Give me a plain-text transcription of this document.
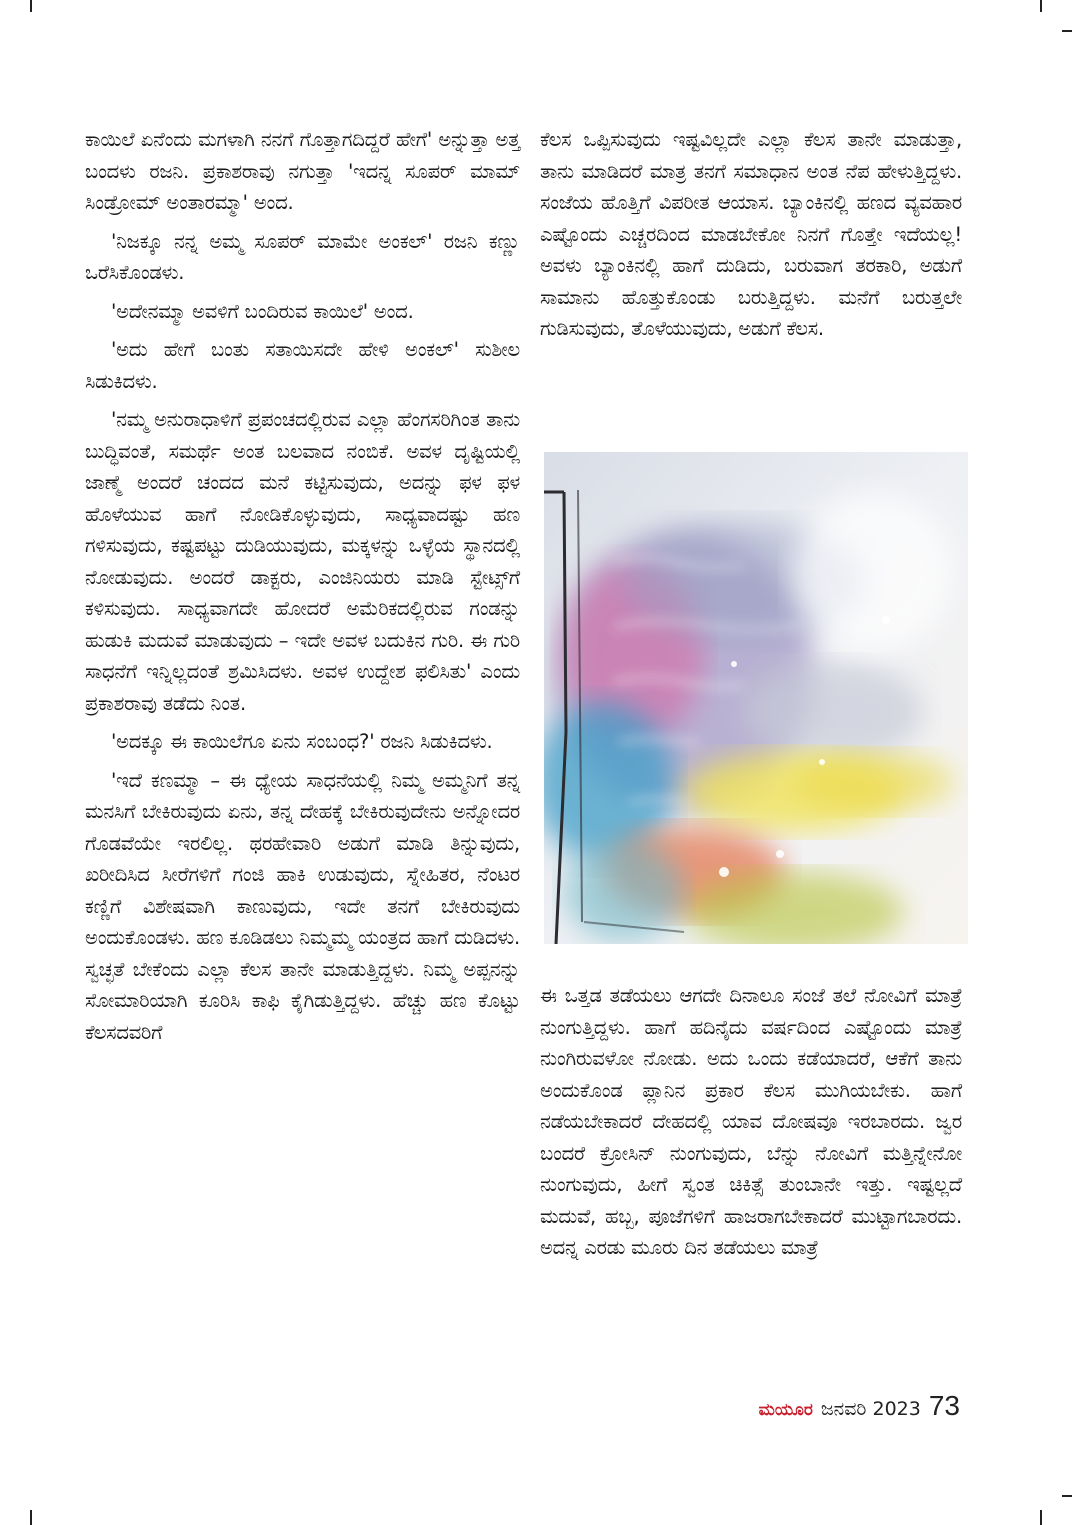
ಕಾಯಿಲೆ ಏನೆಂದು ಮಗಳಾಗಿ ನನಗೆ ಗೊತ್ತಾಗದಿದ್ದರೆ ಹೇಗೆ' ಅನ್ನುತ್ತಾ ಅತ್ತ ಬಂದಳು ರಜನಿ. ಪ್ರಕಾಶರಾವು ನಗುತ್ತಾ 'ಇದನ್ನ ಸೂಪರ್ ಮಾಮ್ ಸಿಂಡ್ರೋಮ್ ಅಂತಾರಮ್ಮಾ' ಅಂದ.

'ನಿಜಕ್ಕೂ ನನ್ನ ಅಮ್ಮ ಸೂಪರ್ ಮಾಮೇ ಅಂಕಲ್' ರಜನಿ ಕಣ್ಣು ಒರೆಸಿಕೊಂಡಳು.

'ಅದೇನಮ್ಮಾ ಅವಳಿಗೆ ಬಂದಿರುವ ಕಾಯಿಲೆ' ಅಂದ.

'ಅದು ಹೇಗೆ ಬಂತು ಸತಾಯಿಸದೇ ಹೇಳಿ ಅಂಕಲ್' ಸುಶೀಲ ಸಿಡುಕಿದಳು.

'ನಮ್ಮ ಅನುರಾಧಾಳಿಗೆ ಪ್ರಪಂಚದಲ್ಲಿರುವ ಎಲ್ಲಾ ಹೆಂಗಸರಿಗಿಂತ ತಾನು ಬುದ್ಧಿವಂತೆ, ಸಮರ್ಥೆ ಅಂತ ಬಲವಾದ ನಂಬಿಕೆ. ಅವಳ ದೃಷ್ಟಿಯಲ್ಲಿ ಜಾಣ್ಮೆ ಅಂದರೆ ಚಂದದ ಮನೆ ಕಟ್ಟಿಸುವುದು, ಅದನ್ನು ಫಳ ಫಳ ಹೊಳೆಯುವ ಹಾಗೆ ನೋಡಿಕೊಳ್ಳುವುದು, ಸಾಧ್ಯವಾದಷ್ಟು ಹಣ ಗಳಿಸುವುದು, ಕಷ್ಟಪಟ್ಟು ದುಡಿಯುವುದು, ಮಕ್ಕಳನ್ನು ಒಳ್ಳೆಯ ಸ್ಥಾನದಲ್ಲಿ ನೋಡುವುದು. ಅಂದರೆ ಡಾಕ್ಟರು, ಎಂಜಿನಿಯರು ಮಾಡಿ ಸ್ಟೇಟ್ಸ್‌ಗೆ ಕಳಿಸುವುದು. ಸಾಧ್ಯವಾಗದೇ ಹೋದರೆ ಅಮೆರಿಕದಲ್ಲಿರುವ ಗಂಡನ್ನು ಹುಡುಕಿ ಮದುವೆ ಮಾಡುವುದು – ಇದೇ ಅವಳ ಬದುಕಿನ ಗುರಿ. ಈ ಗುರಿ ಸಾಧನೆಗೆ ಇನ್ನಿಲ್ಲದಂತೆ ಶ್ರಮಿಸಿದಳು. ಅವಳ ಉದ್ದೇಶ ಫಲಿಸಿತು' ಎಂದು ಪ್ರಕಾಶರಾವು ತಡೆದು ನಿಂತ.

'ಅದಕ್ಕೂ ಈ ಕಾಯಿಲೆಗೂ ಏನು ಸಂಬಂಧ?' ರಜನಿ ಸಿಡುಕಿದಳು.

'ಇದೆ ಕಣಮ್ಮಾ – ಈ ಧ್ಯೇಯ ಸಾಧನೆಯಲ್ಲಿ ನಿಮ್ಮ ಅಮ್ಮನಿಗೆ ತನ್ನ ಮನಸಿಗೆ ಬೇಕಿರುವುದು ಏನು, ತನ್ನ ದೇಹಕ್ಕೆ ಬೇಕಿರುವುದೇನು ಅನ್ನೋದರ ಗೊಡವೆಯೇ ಇರಲಿಲ್ಲ. ಥರಹೇವಾರಿ ಅಡುಗೆ ಮಾಡಿ ತಿನ್ನುವುದು, ಖರೀದಿಸಿದ ಸೀರೆಗಳಿಗೆ ಗಂಜಿ ಹಾಕಿ ಉಡುವುದು, ಸ್ನೇಹಿತರ, ನೆಂಟರ ಕಣ್ಣಿಗೆ ವಿಶೇಷವಾಗಿ ಕಾಣುವುದು, ಇದೇ ತನಗೆ ಬೇಕಿರುವುದು ಅಂದುಕೊಂಡಳು. ಹಣ ಕೂಡಿಡಲು ನಿಮ್ಮಮ್ಮ ಯಂತ್ರದ ಹಾಗೆ ದುಡಿದಳು. ಸ್ವಚ್ಛತೆ ಬೇಕೆಂದು ಎಲ್ಲಾ ಕೆಲಸ ತಾನೇ ಮಾಡುತ್ತಿದ್ದಳು. ನಿಮ್ಮ ಅಪ್ಪನನ್ನು ಸೋಮಾರಿಯಾಗಿ ಕೂರಿಸಿ ಕಾಫಿ ಕೈಗಿಡುತ್ತಿದ್ದಳು. ಹೆಚ್ಚು ಹಣ ಕೊಟ್ಟು ಕೆಲಸದವರಿಗೆ

ಕೆಲಸ ಒಪ್ಪಿಸುವುದು ಇಷ್ಟವಿಲ್ಲದೇ ಎಲ್ಲಾ ಕೆಲಸ ತಾನೇ ಮಾಡುತ್ತಾ, ತಾನು ಮಾಡಿದರೆ ಮಾತ್ರ ತನಗೆ ಸಮಾಧಾನ ಅಂತ ನೆಪ ಹೇಳುತ್ತಿದ್ದಳು. ಸಂಜೆಯ ಹೊತ್ತಿಗೆ ವಿಪರೀತ ಆಯಾಸ. ಬ್ಯಾಂಕಿನಲ್ಲಿ ಹಣದ ವ್ಯವಹಾರ ಎಷ್ಟೊಂದು ಎಚ್ಚರದಿಂದ ಮಾಡಬೇಕೋ ನಿನಗೆ ಗೊತ್ತೇ ಇದೆಯಲ್ಲ! ಅವಳು ಬ್ಯಾಂಕಿನಲ್ಲಿ ಹಾಗೆ ದುಡಿದು, ಬರುವಾಗ ತರಕಾರಿ, ಅಡುಗೆ ಸಾಮಾನು ಹೊತ್ತುಕೊಂಡು ಬರುತ್ತಿದ್ದಳು. ಮನೆಗೆ ಬರುತ್ತಲೇ ಗುಡಿಸುವುದು, ತೊಳೆಯುವುದು, ಅಡುಗೆ ಕೆಲಸ.

ಈ ಒತ್ತಡ ತಡೆಯಲು ಆಗದೇ ದಿನಾಲೂ ಸಂಜೆ ತಲೆ ನೋವಿಗೆ ಮಾತ್ರೆ ನುಂಗುತ್ತಿದ್ದಳು. ಹಾಗೆ ಹದಿನೈದು ವರ್ಷದಿಂದ ಎಷ್ಟೊಂದು ಮಾತ್ರೆ ನುಂಗಿರುವಳೋ ನೋಡು. ಅದು ಒಂದು ಕಡೆಯಾದರೆ, ಆಕೆಗೆ ತಾನು ಅಂದುಕೊಂಡ ಪ್ಲಾನಿನ ಪ್ರಕಾರ ಕೆಲಸ ಮುಗಿಯಬೇಕು. ಹಾಗೆ ನಡೆಯಬೇಕಾದರೆ ದೇಹದಲ್ಲಿ ಯಾವ ದೋಷವೂ ಇರಬಾರದು. ಜ್ವರ ಬಂದರೆ ಕ್ರೋಸಿನ್ ನುಂಗುವುದು, ಬೆನ್ನು ನೋವಿಗೆ ಮತ್ತಿನ್ನೇನೋ ನುಂಗುವುದು, ಹೀಗೆ ಸ್ವಂತ ಚಿಕಿತ್ಸೆ ತುಂಬಾನೇ ಇತ್ತು. ಇಷ್ಟಲ್ಲದೆ ಮದುವೆ, ಹಬ್ಬ, ಪೂಜೆಗಳಿಗೆ ಹಾಜರಾಗಬೇಕಾದರೆ ಮುಟ್ಟಾಗಬಾರದು. ಅದನ್ನ ಎರಡು ಮೂರು ದಿನ ತಡೆಯಲು ಮಾತ್ರೆ

ಮಯೂರ ಜನವರಿ 2023 73
